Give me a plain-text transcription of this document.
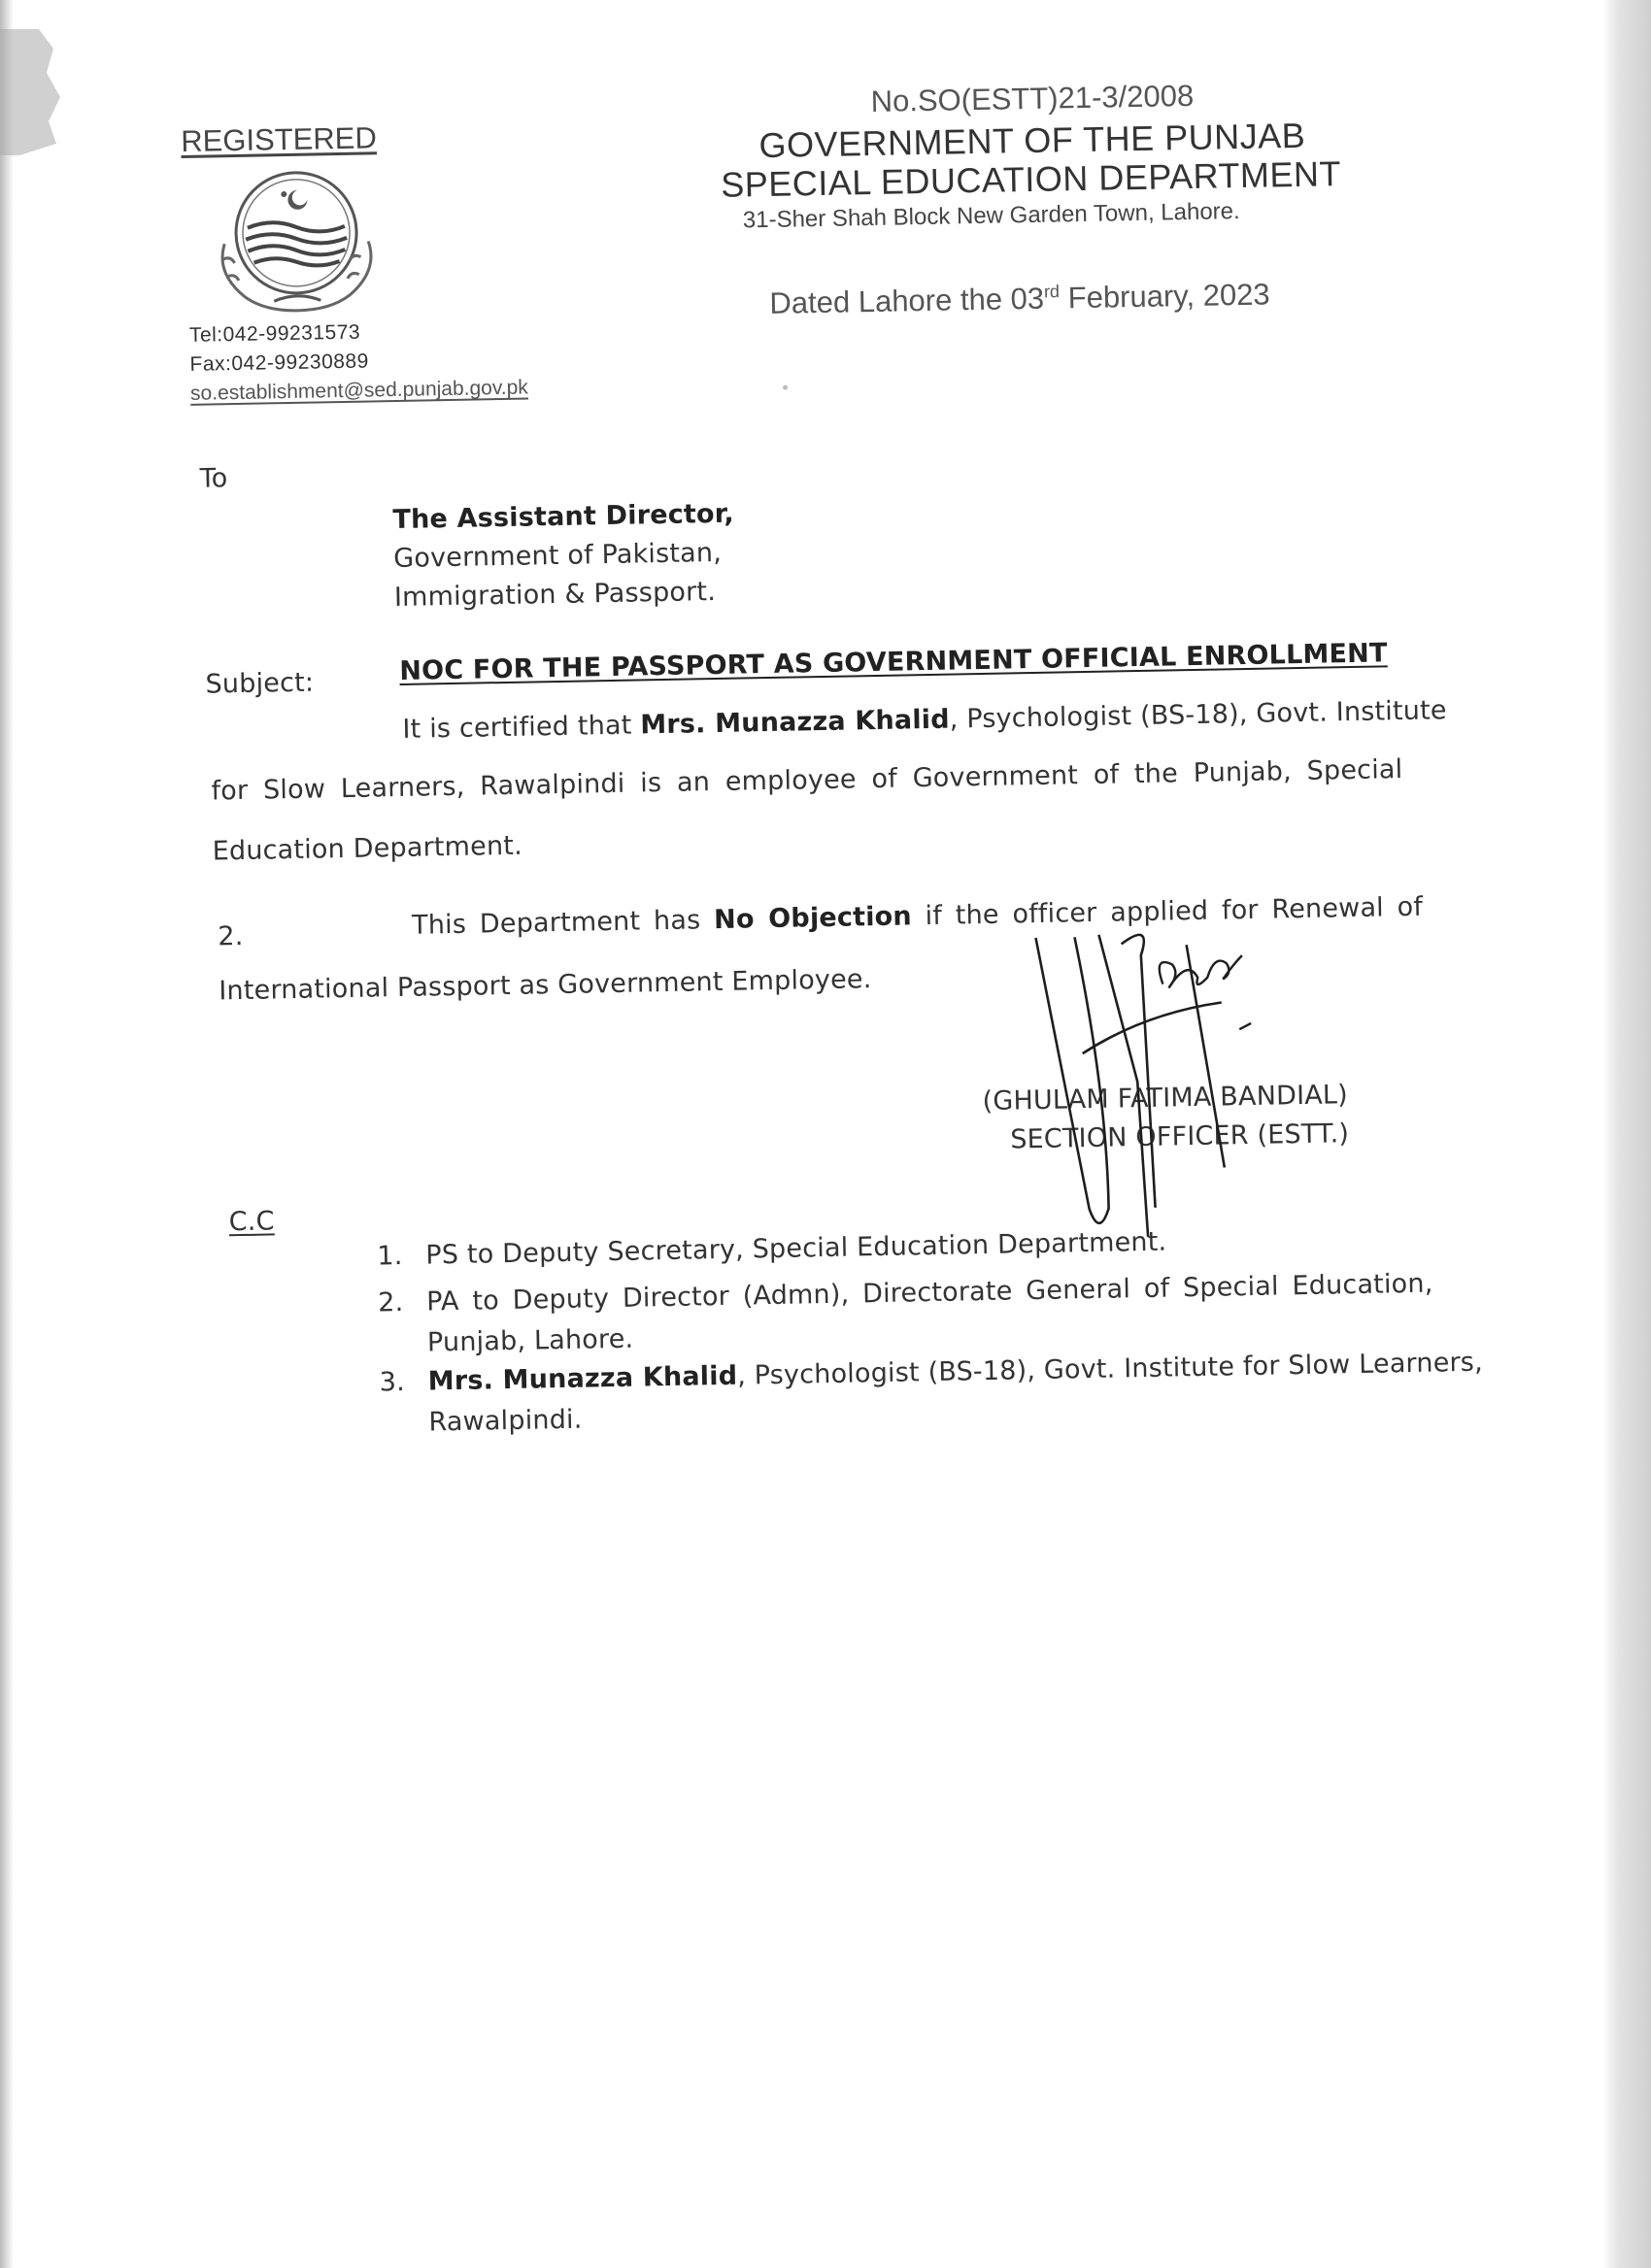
REGISTERED
Tel:042-99231573
Fax:042-99230889
so.establishment@sed.punjab.gov.pk
No.SO(ESTT)21-3/2008
GOVERNMENT OF THE PUNJAB
SPECIAL EDUCATION DEPARTMENT
31-Sher Shah Block New Garden Town, Lahore.
Dated Lahore the 03rd February, 2023
To
The Assistant Director,
Government of Pakistan,
Immigration & Passport.
Subject:	NOC FOR THE PASSPORT AS GOVERNMENT OFFICIAL ENROLLMENT
It is certified that Mrs. Munazza Khalid, Psychologist (BS-18), Govt. Institute
for Slow Learners, Rawalpindi is an employee of Government of the Punjab, Special
Education Department.
2.	This Department has No Objection if the officer applied for Renewal of
International Passport as Government Employee.
(GHULAM FATIMA BANDIAL)
SECTION OFFICER (ESTT.)
C.C
1. PS to Deputy Secretary, Special Education Department.
2. PA to Deputy Director (Admn), Directorate General of Special Education,
Punjab, Lahore.
3. Mrs. Munazza Khalid, Psychologist (BS-18), Govt. Institute for Slow Learners,
Rawalpindi.
